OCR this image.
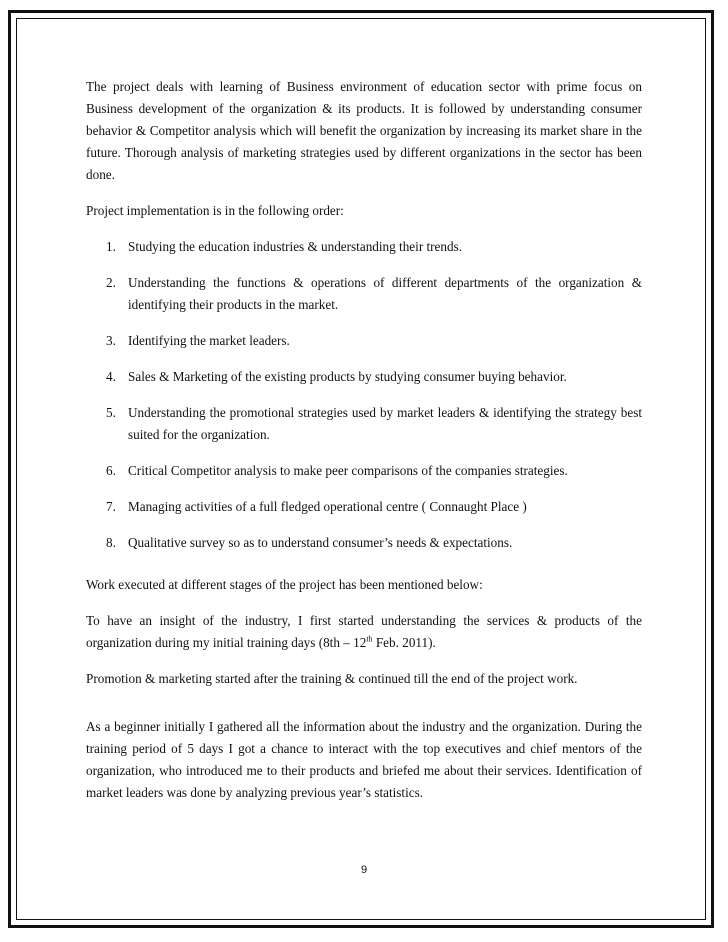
The project deals with learning of Business environment of education sector with prime focus on Business development of the organization & its products. It is followed by understanding consumer behavior & Competitor analysis which will benefit the organization by increasing its market share in the future. Thorough analysis of marketing strategies used by different organizations in the sector has been done.

Project implementation is in the following order:

1. Studying the education industries & understanding their trends.
2. Understanding the functions & operations of different departments of the organization & identifying their products in the market.
3. Identifying the market leaders.
4. Sales & Marketing of the existing products by studying consumer buying behavior.
5. Understanding the promotional strategies used by market leaders & identifying the strategy best suited for the organization.
6. Critical Competitor analysis to make peer comparisons of the companies strategies.
7. Managing activities of a full fledged operational centre ( Connaught Place )
8. Qualitative survey so as to understand consumer’s needs & expectations.

Work executed at different stages of the project has been mentioned below:

To have an insight of the industry, I first started understanding the services & products of the organization during my initial training days (8th – 12th Feb. 2011).

Promotion & marketing started after the training & continued till the end of the project work.

As a beginner initially I gathered all the information about the industry and the organization. During the training period of 5 days I got a chance to interact with the top executives and chief mentors of the organization, who introduced me to their products and briefed me about their services. Identification of market leaders was done by analyzing previous year’s statistics.

9
